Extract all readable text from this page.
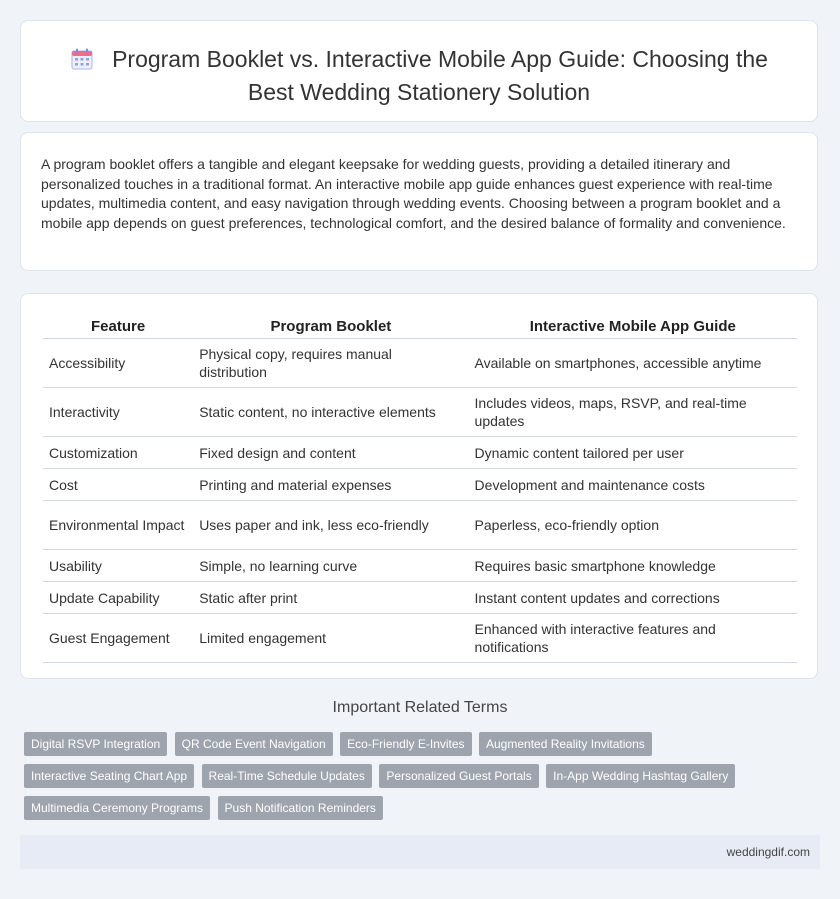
Program Booklet vs. Interactive Mobile App Guide: Choosing the Best Wedding Stationery Solution

A program booklet offers a tangible and elegant keepsake for wedding guests, providing a detailed itinerary and personalized touches in a traditional format. An interactive mobile app guide enhances guest experience with real-time updates, multimedia content, and easy navigation through wedding events. Choosing between a program booklet and a mobile app depends on guest preferences, technological comfort, and the desired balance of formality and convenience.

Feature	Program Booklet	Interactive Mobile App Guide
Accessibility	Physical copy, requires manual distribution	Available on smartphones, accessible anytime
Interactivity	Static content, no interactive elements	Includes videos, maps, RSVP, and real-time updates
Customization	Fixed design and content	Dynamic content tailored per user
Cost	Printing and material expenses	Development and maintenance costs
Environmental Impact	Uses paper and ink, less eco-friendly	Paperless, eco-friendly option
Usability	Simple, no learning curve	Requires basic smartphone knowledge
Update Capability	Static after print	Instant content updates and corrections
Guest Engagement	Limited engagement	Enhanced with interactive features and notifications
Important Related Terms
Digital RSVP Integration QR Code Event Navigation Eco-Friendly E-Invites Augmented Reality Invitations
Interactive Seating Chart App Real-Time Schedule Updates Personalized Guest Portals In-App Wedding Hashtag Gallery
Multimedia Ceremony Programs Push Notification Reminders
weddingdif.com
